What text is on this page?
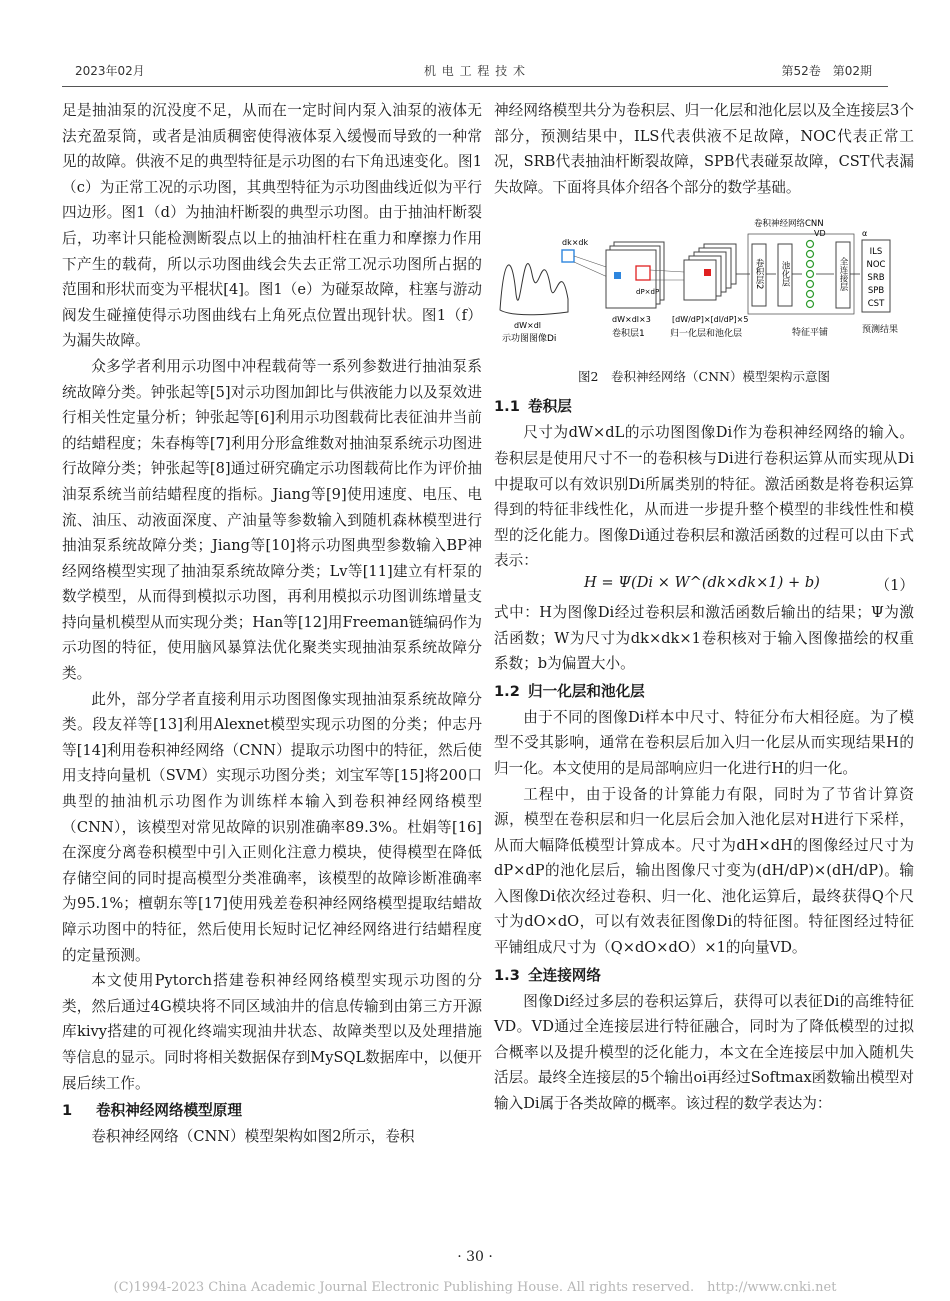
2023年02月	机 电 工 程 技 术	第52卷　第02期

足是抽油泵的沉没度不足，从而在一定时间内泵入油泵的液体无法充盈泵筒，或者是油质稠密使得液体泵入缓慢而导致的一种常见的故障。供液不足的典型特征是示功图的右下角迅速变化。图1（c）为正常工况的示功图，其典型特征为示功图曲线近似为平行四边形。图1（d）为抽油杆断裂的典型示功图。由于抽油杆断裂后，功率计只能检测断裂点以上的抽油杆柱在重力和摩擦力作用下产生的载荷，所以示功图曲线会失去正常工况示功图所占据的范围和形状而变为平棍状[4]。图1（e）为碰泵故障，柱塞与游动阀发生碰撞使得示功图曲线右上角死点位置出现针状。图1（f）为漏失故障。

众多学者利用示功图中冲程载荷等一系列参数进行抽油泵系统故障分类。钟张起等[5]对示功图加卸比与供液能力以及泵效进行相关性定量分析；钟张起等[6]利用示功图载荷比表征油井当前的结蜡程度；朱春梅等[7]利用分形盒维数对抽油泵系统示功图进行故障分类；钟张起等[8]通过研究确定示功图载荷比作为评价抽油泵系统当前结蜡程度的指标。Jiang等[9]使用速度、电压、电流、油压、动液面深度、产油量等参数输入到随机森林模型进行抽油泵系统故障分类；Jiang等[10]将示功图典型参数输入BP神经网络模型实现了抽油泵系统故障分类；Lv等[11]建立有杆泵的数学模型，从而得到模拟示功图，再利用模拟示功图训练增量支持向量机模型从而实现分类；Han等[12]用Freeman链编码作为示功图的特征，使用脑风暴算法优化聚类实现抽油泵系统故障分类。

此外，部分学者直接利用示功图图像实现抽油泵系统故障分类。段友祥等[13]利用Alexnet模型实现示功图的分类；仲志丹等[14]利用卷积神经网络（CNN）提取示功图中的特征，然后使用支持向量机（SVM）实现示功图分类；刘宝军等[15]将200口典型的抽油机示功图作为训练样本输入到卷积神经网络模型（CNN），该模型对常见故障的识别准确率89.3%。杜娟等[16]在深度分离卷积模型中引入正则化注意力模块，使得模型在降低存储空间的同时提高模型分类准确率，该模型的故障诊断准确率为95.1%；檀朝东等[17]使用残差卷积神经网络模型提取结蜡故障示功图中的特征，然后使用长短时记忆神经网络进行结蜡程度的定量预测。

本文使用Pytorch搭建卷积神经网络模型实现示功图的分类，然后通过4G模块将不同区域油井的信息传输到由第三方开源库kivy搭建的可视化终端实现油井状态、故障类型以及处理措施等信息的显示。同时将相关数据保存到MySQL数据库中，以便开展后续工作。

1 卷积神经网络模型原理

卷积神经网络（CNN）模型架构如图2所示，卷积

神经网络模型共分为卷积层、归一化层和池化层以及全连接层3个部分，预测结果中，ILS代表供液不足故障，NOC代表正常工况，SRB代表抽油杆断裂故障，SPB代表碰泵故障，CST代表漏失故障。下面将具体介绍各个部分的数学基础。

dk×dk
dW×dl
示功图图像Di
dP×dP
dW×dl×3
卷积层1
[dW/dP]×[dl/dP]×5
归一化层和池化层
卷积层2 池化层
VD
特征平铺
全连接层
卷积神经网络CNN
α
ILS
NOC
SRB
SPB
CST
预测结果
图2　卷积神经网络（CNN）模型架构示意图
1.1 卷积层

尺寸为dW×dL的示功图图像Di作为卷积神经网络的输入。卷积层是使用尺寸不一的卷积核与Di进行卷积运算从而实现从Di中提取可以有效识别Di所属类别的特征。激活函数是将卷积运算得到的特征非线性化，从而进一步提升整个模型的非线性性和模型的泛化能力。图像Di通过卷积层和激活函数的过程可以由下式表示：

H = Ψ(Di × W^(dk×dk×1) + b)	（1）

式中：H为图像Di经过卷积层和激活函数后输出的结果；Ψ为激活函数；W为尺寸为dk×dk×1卷积核对于输入图像描绘的权重系数；b为偏置大小。

1.2 归一化层和池化层

由于不同的图像Di样本中尺寸、特征分布大相径庭。为了模型不受其影响，通常在卷积层后加入归一化层从而实现结果H的归一化。本文使用的是局部响应归一化进行H的归一化。

工程中，由于设备的计算能力有限，同时为了节省计算资源，模型在卷积层和归一化层后会加入池化层对H进行下采样，从而大幅降低模型计算成本。尺寸为dH×dH的图像经过尺寸为dP×dP的池化层后，输出图像尺寸变为(dH/dP)×(dH/dP)。输入图像Di依次经过卷积、归一化、池化运算后，最终获得Q个尺寸为dO×dO，可以有效表征图像Di的特征图。特征图经过特征平铺组成尺寸为（Q×dO×dO）×1的向量VD。

1.3 全连接网络

图像Di经过多层的卷积运算后，获得可以表征Di的高维特征VD。VD通过全连接层进行特征融合，同时为了降低模型的过拟合概率以及提升模型的泛化能力，本文在全连接层中加入随机失活层。最终全连接层的5个输出oi再经过Softmax函数输出模型对输入Di属于各类故障的概率。该过程的数学表达为：

· 30 ·
(C)1994-2023 China Academic Journal Electronic Publishing House. All rights reserved.　http://www.cnki.net
